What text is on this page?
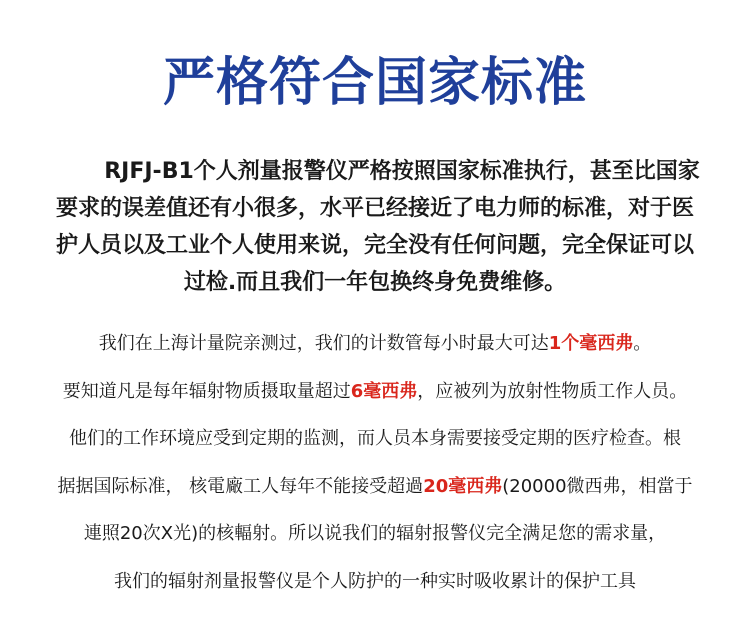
严格符合国家标准
RJFJ-B1个人剂量报警仪严格按照国家标准执行，甚至比国家
要求的误差值还有小很多，水平已经接近了电力师的标准，对于医
护人员以及工业个人使用来说，完全没有任何问题，完全保证可以
过检.而且我们一年包换终身免费维修。
我们在上海计量院亲测过，我们的计数管每小时最大可达1个毫西弗。
要知道凡是每年辐射物质摄取量超过6毫西弗，应被列为放射性物质工作人员。
他们的工作环境应受到定期的监测，而人员本身需要接受定期的医疗检查。根
据据国际标准， 核電廠工人每年不能接受超過20毫西弗(20000微西弗，相當于
連照20次X光)的核輻射。所以说我们的辐射报警仪完全满足您的需求量，
我们的辐射剂量报警仪是个人防护的一种实时吸收累计的保护工具
